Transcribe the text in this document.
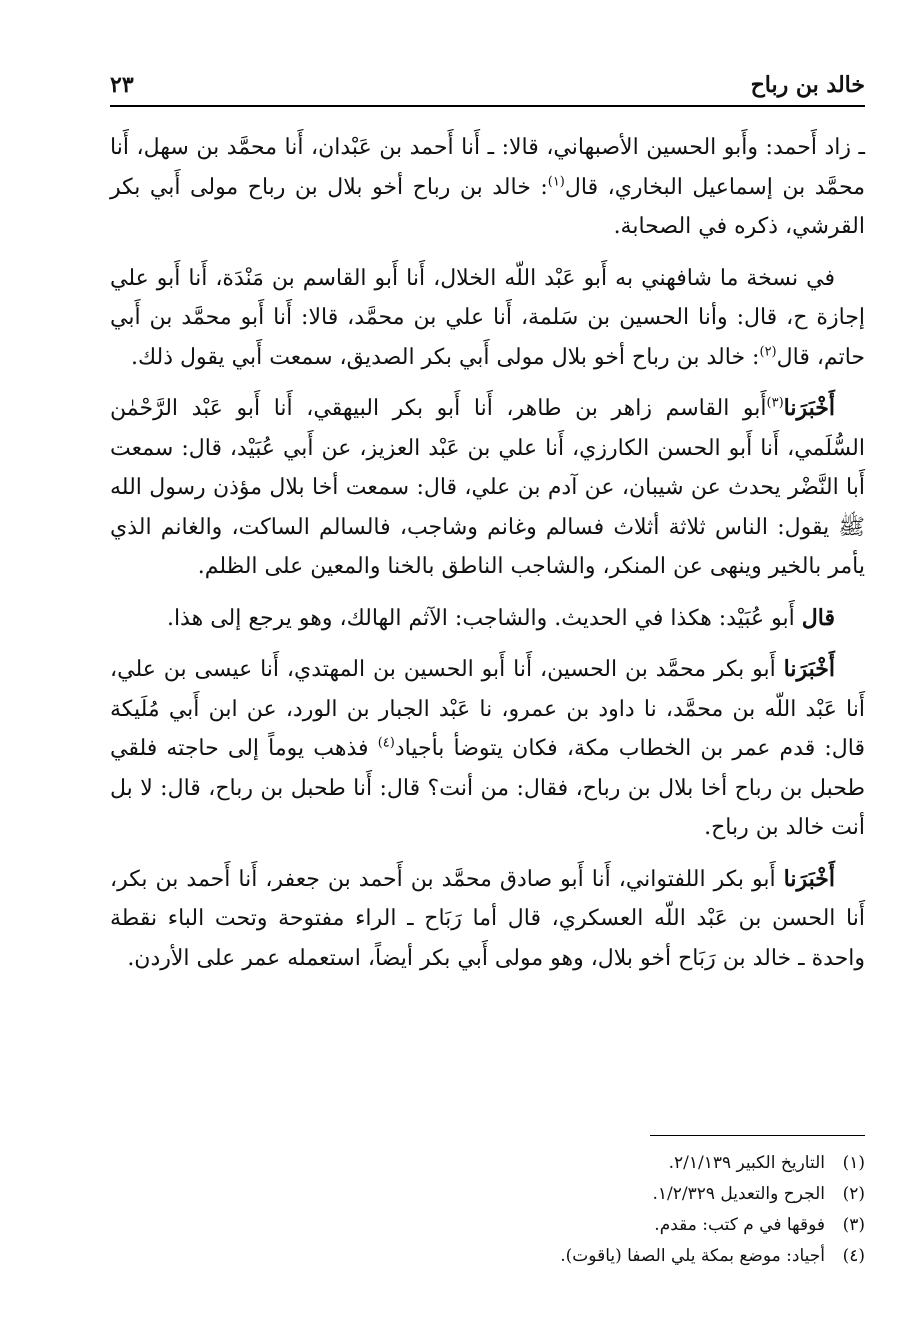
خالد بن رباح
٢٣

ـ زاد أَحمد: وأَبو الحسين الأصبهاني، قالا: ـ أَنا أَحمد بن عَبْدان، أَنا محمَّد بن سهل، أَنا محمَّد بن إسماعيل البخاري، قال$^{(١)}$: خالد بن رباح أخو بلال بن رباح مولى أَبي بكر القرشي، ذكره في الصحابة.

في نسخة ما شافهني به أَبو عَبْد اللّه الخلال، أَنا أَبو القاسم بن مَنْدَة، أَنا أَبو علي إجازة ح، قال: وأنا الحسين بن سَلمة، أَنا علي بن محمَّد، قالا: أَنا أَبو محمَّد بن أَبي حاتم، قال$^{(٢)}$: خالد بن رباح أخو بلال مولى أَبي بكر الصديق، سمعت أَبي يقول ذلك.

أَخْبَرَنا$^{(٣)}$أَبو القاسم زاهر بن طاهر، أَنا أَبو بكر البيهقي، أَنا أَبو عَبْد الرَّحْمٰن السُّلَمي، أَنا أَبو الحسن الكارزي، أَنا علي بن عَبْد العزيز، عن أَبي عُبَيْد، قال: سمعت أَبا النَّضْر يحدث عن شيبان، عن آدم بن علي، قال: سمعت أخا بلال مؤذن رسول الله ﷺ يقول: الناس ثلاثة أثلاث فسالم وغانم وشاجب، فالسالم الساكت، والغانم الذي يأمر بالخير وينهى عن المنكر، والشاجب الناطق بالخنا والمعين على الظلم.

قال أَبو عُبَيْد: هكذا في الحديث. والشاجب: الآثم الهالك، وهو يرجع إلى هذا.

أَخْبَرَنا أَبو بكر محمَّد بن الحسين، أَنا أَبو الحسين بن المهتدي، أَنا عيسى بن علي، أَنا عَبْد اللّه بن محمَّد، نا داود بن عمرو، نا عَبْد الجبار بن الورد، عن ابن أَبي مُلَيكة قال: قدم عمر بن الخطاب مكة، فكان يتوضأ بأجياد$^{(٤)}$ فذهب يوماً إلى حاجته فلقي طحبل بن رباح أخا بلال بن رباح، فقال: من أنت؟ قال: أَنا طحبل بن رباح، قال: لا بل أنت خالد بن رباح.

أَخْبَرَنا أَبو بكر اللفتواني، أَنا أَبو صادق محمَّد بن أَحمد بن جعفر، أَنا أَحمد بن بكر، أَنا الحسن بن عَبْد اللّه العسكري، قال أما رَبَاح ـ الراء مفتوحة وتحت الباء نقطة واحدة ـ خالد بن رَبَاح أخو بلال، وهو مولى أَبي بكر أيضاً، استعمله عمر على الأردن.

(١)
التاريخ الكبير ٢/١/١٣٩.
(٢)
الجرح والتعديل ١/٢/٣٢٩.
(٣)
فوقها في م كتب: مقدم.
(٤)
أجياد: موضع بمكة يلي الصفا (ياقوت).
